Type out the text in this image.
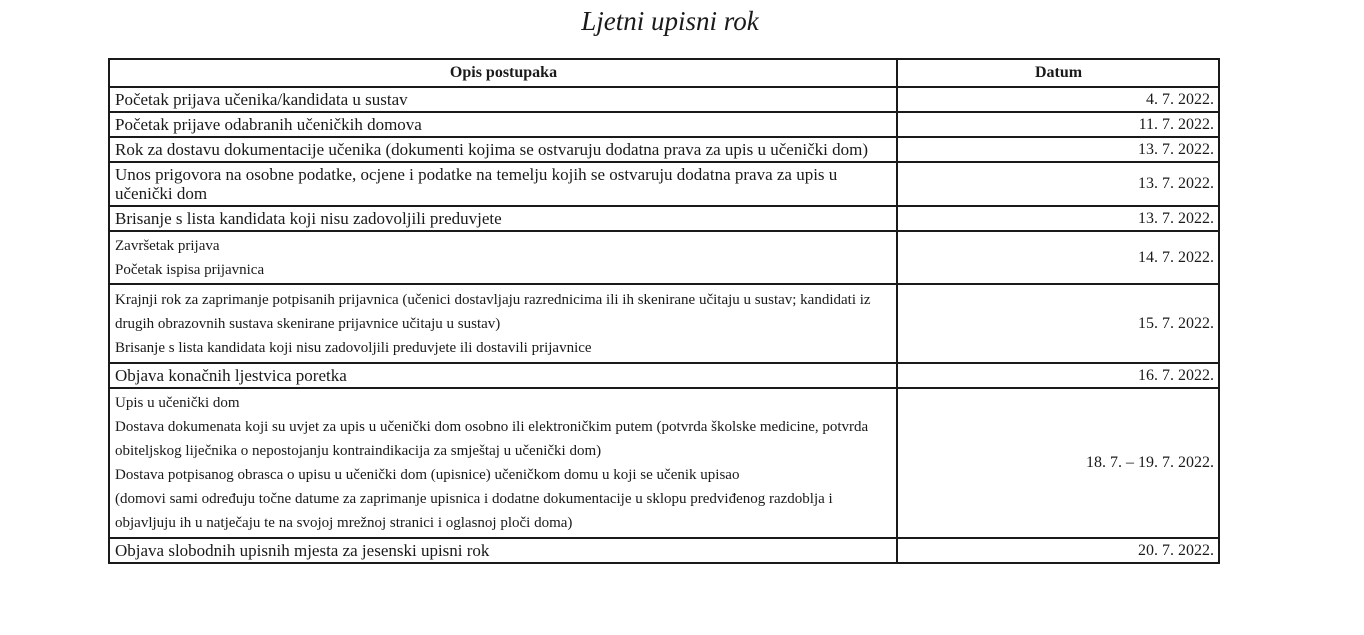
Ljetni upisni rok
Opis postupaka	Datum

Početak prijava učenika/kandidata u sustav	4. 7. 2022.

Početak prijave odabranih učeničkih domova	11. 7. 2022.

Rok za dostavu dokumentacije učenika (dokumenti kojima se ostvaruju dodatna prava za upis u učenički dom)	13. 7. 2022.

Unos prigovora na osobne podatke, ocjene i podatke na temelju kojih se ostvaruju dodatna prava za upis u učenički dom	13. 7. 2022.

Brisanje s lista kandidata koji nisu zadovoljili preduvjete	13. 7. 2022.

Završetak prijava
Početak ispisa prijavnica	14. 7. 2022.

Krajnji rok za zaprimanje potpisanih prijavnica (učenici dostavljaju razrednicima ili ih skenirane učitaju u sustav; kandidati iz drugih obrazovnih sustava skenirane prijavnice učitaju u sustav)
Brisanje s lista kandidata koji nisu zadovoljili preduvjete ili dostavili prijavnice	15. 7. 2022.

Objava konačnih ljestvica poretka	16. 7. 2022.

Upis u učenički dom
Dostava dokumenata koji su uvjet za upis u učenički dom osobno ili elektroničkim putem (potvrda školske medicine, potvrda obiteljskog liječnika o nepostojanju kontraindikacija za smještaj u učenički dom)
Dostava potpisanog obrasca o upisu u učenički dom (upisnice) učeničkom domu u koji se učenik upisao
(domovi sami određuju točne datume za zaprimanje upisnica i dodatne dokumentacije u sklopu predviđenog razdoblja i objavljuju ih u natječaju te na svojoj mrežnoj stranici i oglasnoj ploči doma)	18. 7. – 19. 7. 2022.

Objava slobodnih upisnih mjesta za jesenski upisni rok	20. 7. 2022.
